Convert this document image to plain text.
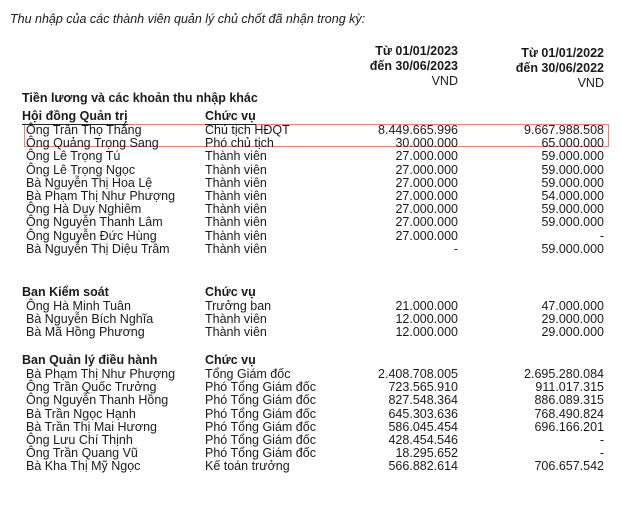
Thu nhập của các thành viên quản lý chủ chốt đã nhận trong kỳ:
Từ 01/01/2023
đến 30/06/2023
VND
Từ 01/01/2022
đến 30/06/2022
VND
Tiền lương và các khoản thu nhập khác
Hội đồng Quản trị	Chức vụ
Ông Trần Thọ Thắng	Chủ tịch HĐQT	8.449.665.996	9.667.988.508
Ông Quảng Trọng Sang	Phó chủ tịch	30.000.000	65.000.000
Ông Lê Trọng Tú	Thành viên	27.000.000	59.000.000
Ông Lê Trọng Ngọc	Thành viên	27.000.000	59.000.000
Bà Nguyễn Thị Hoa Lệ	Thành viên	27.000.000	59.000.000
Bà Phạm Thị Như Phượng Thành viên	27.000.000	54.000.000
Ông Hà Duy Nghiêm	Thành viên	27.000.000	59.000.000
Ông Nguyễn Thanh Lâm	Thành viên	27.000.000	59.000.000
Ông Nguyễn Đức Hùng	Thành viên	27.000.000	-
Bà Nguyễn Thị Diệu Trâm	Thành viên	-	59.000.000
Ban Kiểm soát	Chức vụ
Ông Hà Minh Tuân	Trưởng ban	21.000.000	47.000.000
Bà Nguyễn Bích Nghĩa	Thành viên	12.000.000	29.000.000
Bà Mã Hồng Phương	Thành viên	12.000.000	29.000.000
Ban Quản lý điều hành	Chức vụ
Bà Phạm Thị Như Phượng Tổng Giám đốc	2.408.708.005	2.695.280.084
Ông Trần Quốc Trưởng	Phó Tổng Giám đốc	723.565.910	911.017.315
Ông Nguyễn Thanh Hồng	Phó Tổng Giám đốc	827.548.364	886.089.315
Bà Trần Ngọc Hạnh	Phó Tổng Giám đốc	645.303.636	768.490.824
Bà Trần Thị Mai Hương	Phó Tổng Giám đốc	586.045.454	696.166.201
Ông Lưu Chí Thịnh	Phó Tổng Giám đốc	428.454.546	-
Ông Trần Quang Vũ	Phó Tổng Giám đốc	18.295.652	-
Bà Kha Thị Mỹ Ngọc	Kế toán trưởng	566.882.614	706.657.542
